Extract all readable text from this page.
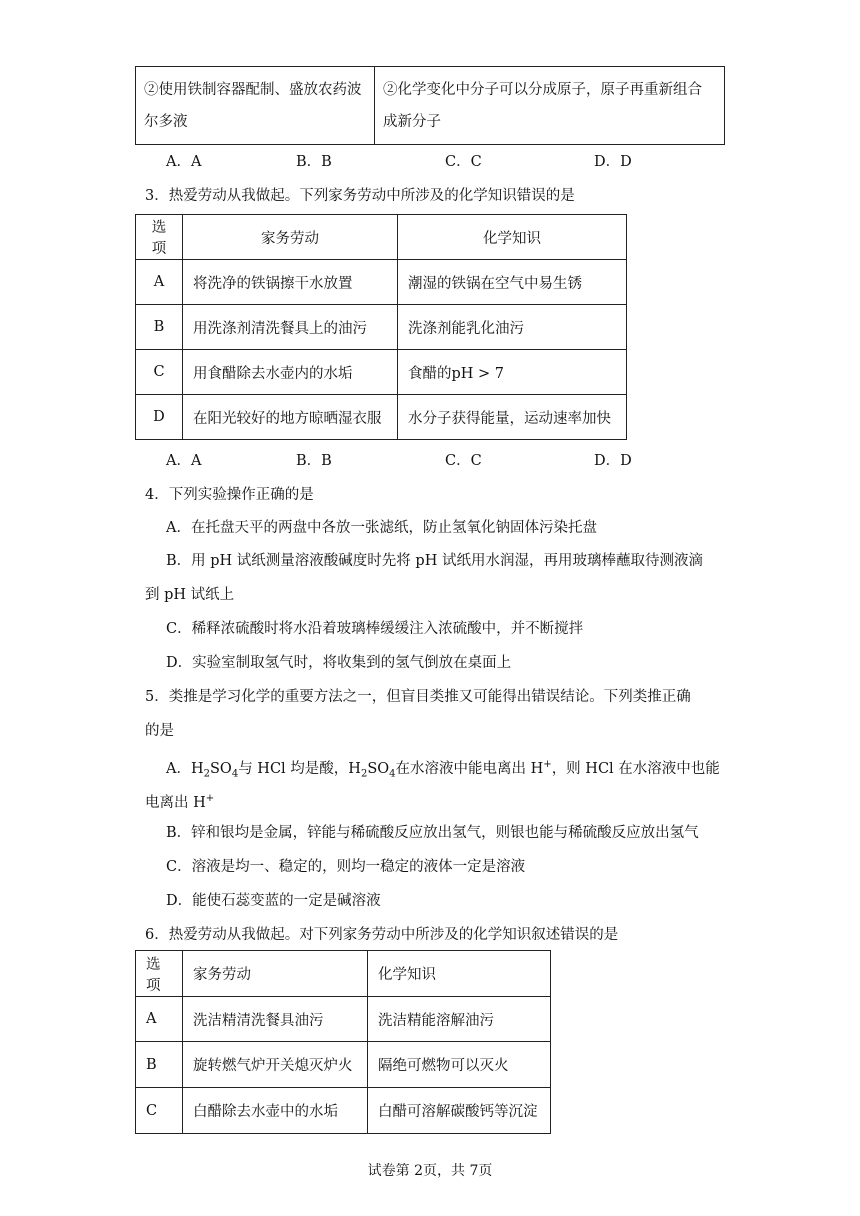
②使用铁制容器配制、盛放农药波
尔多液

②化学变化中分子可以分成原子，原子再重新组合
成新分子
A．A	B．B	C．C	D．D
3．热爱劳动从我做起。下列家务劳动中所涉及的化学知识错误的是
选项	家务劳动	化学知识
A	将洗净的铁锅擦干水放置	潮湿的铁锅在空气中易生锈
B	用洗涤剂清洗餐具上的油污	洗涤剂能乳化油污
C	用食醋除去水壶内的水垢	食醋的pH > 7
D	在阳光较好的地方晾晒湿衣服	水分子获得能量，运动速率加快
A．A	B．B	C．C	D．D
4．下列实验操作正确的是
A．在托盘天平的两盘中各放一张滤纸，防止氢氧化钠固体污染托盘
B．用 pH 试纸测量溶液酸碱度时先将 pH 试纸用水润湿，再用玻璃棒蘸取待测液滴
到 pH 试纸上
C．稀释浓硫酸时将水沿着玻璃棒缓缓注入浓硫酸中，并不断搅拌
D．实验室制取氢气时，将收集到的氢气倒放在桌面上
5．类推是学习化学的重要方法之一，但盲目类推又可能得出错误结论。下列类推正确
的是
A．$H_2SO_4$与 HCl 均是酸，$H_2SO_4$在水溶液中能电离出 H+，则 HCl 在水溶液中也能
电离出 H+
B．锌和银均是金属，锌能与稀硫酸反应放出氢气，则银也能与稀硫酸反应放出氢气
C．溶液是均一、稳定的，则均一稳定的液体一定是溶液
D．能使石蕊变蓝的一定是碱溶液
6．热爱劳动从我做起。对下列家务劳动中所涉及的化学知识叙述错误的是
选项	家务劳动	化学知识
A	洗洁精清洗餐具油污	洗洁精能溶解油污
B	旋转燃气炉开关熄灭炉火	隔绝可燃物可以灭火
C	白醋除去水壶中的水垢	白醋可溶解碳酸钙等沉淀
试卷第 2页，共 7页
